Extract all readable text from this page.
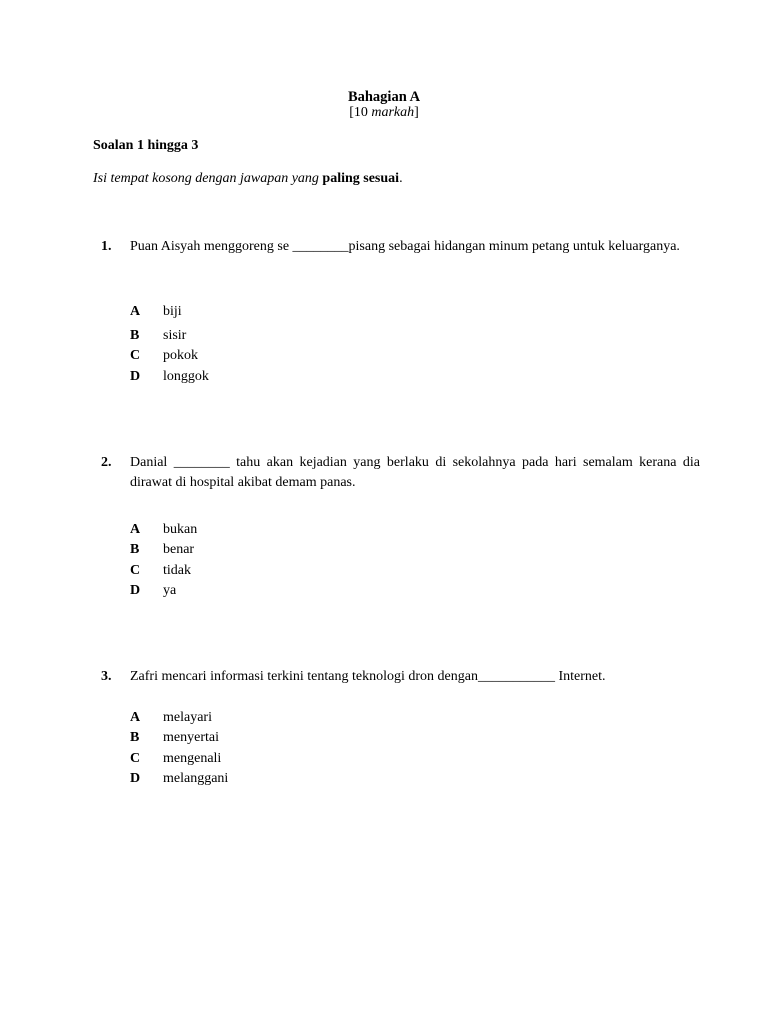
Bahagian A
[10 markah]
Soalan 1 hingga 3
Isi tempat kosong dengan jawapan yang paling sesuai.
1. Puan Aisyah menggoreng se ________pisang sebagai hidangan minum petang untuk keluarganya.
A	biji
B	sisir
C	pokok
D	longgok
2. Danial ________ tahu akan kejadian yang berlaku di sekolahnya pada hari semalam kerana dia dirawat di hospital akibat demam panas.
A	bukan
B	benar
C	tidak
D	ya
3. Zafri mencari informasi terkini tentang teknologi dron dengan___________ Internet.
A	melayari
B	menyertai
C	mengenali
D	melanggani
